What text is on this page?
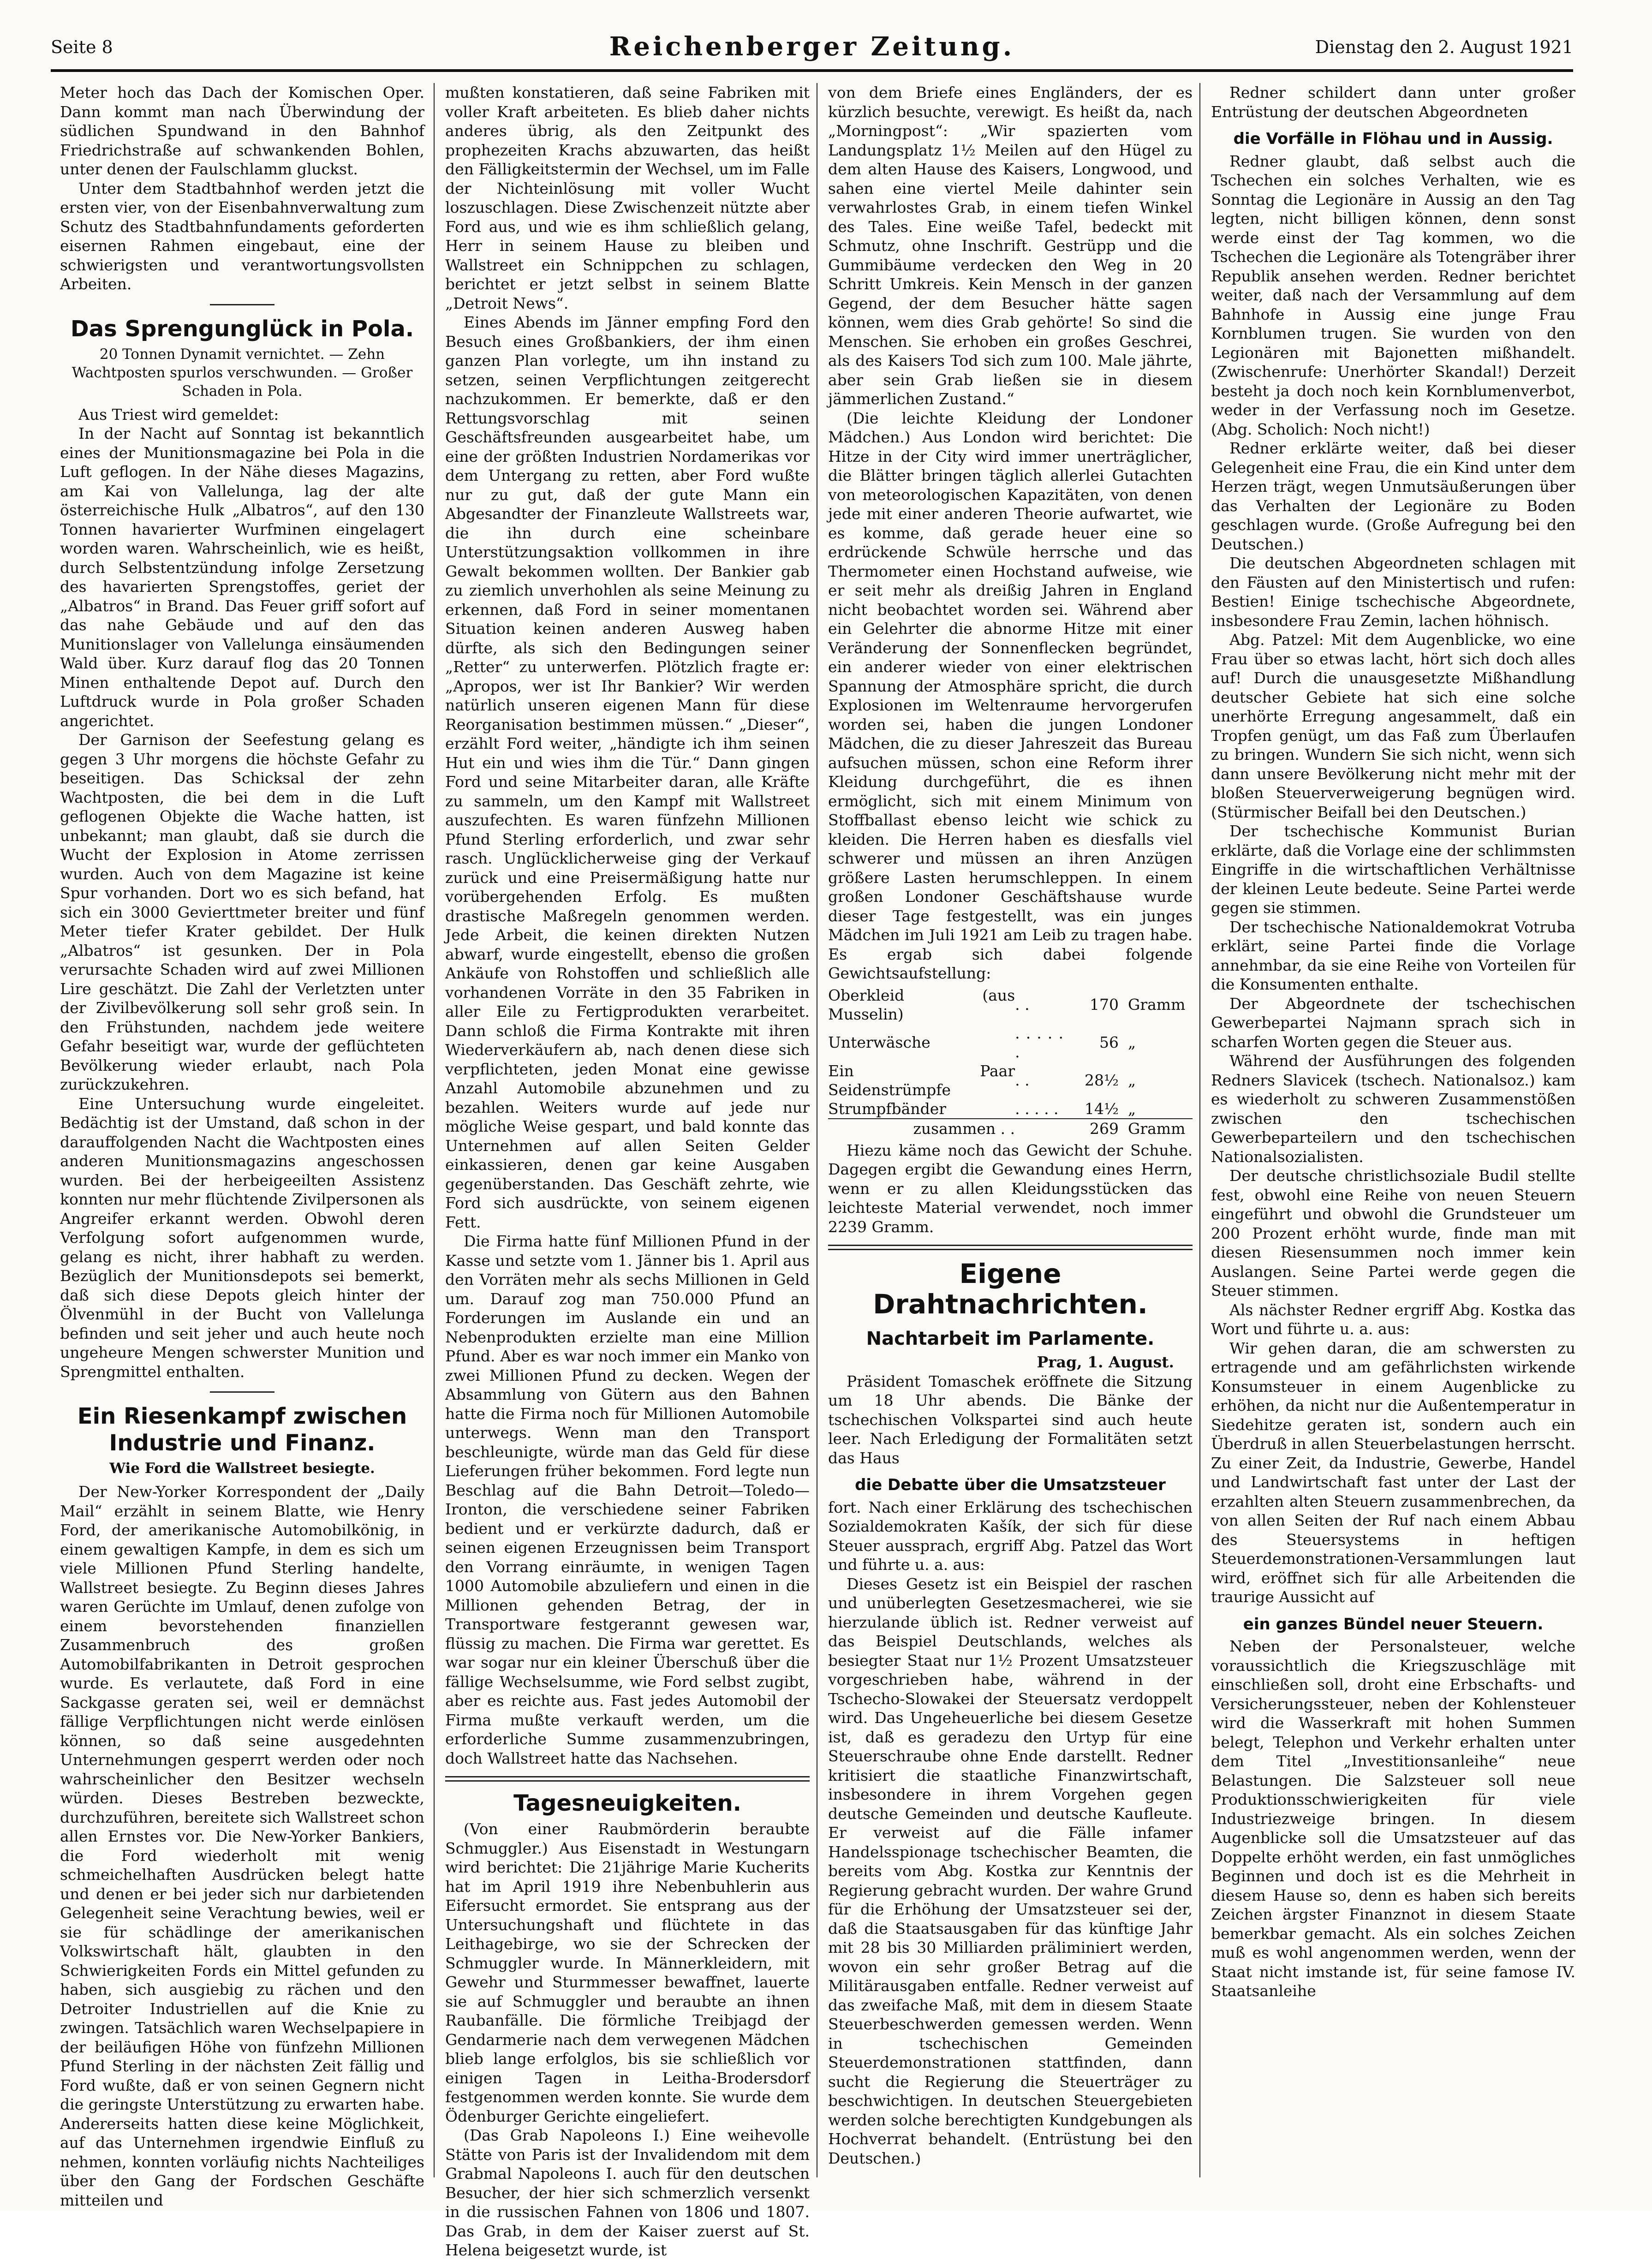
Seite 8	Reichenberger Zeitung.	Dienstag den 2. August 1921

Meter hoch das Dach der Komischen Oper. Dann kommt man nach Überwindung der südlichen Spundwand in den Bahnhof Friedrichstraße auf schwankenden Bohlen, unter denen der Faulschlamm gluckst.

Unter dem Stadtbahnhof werden jetzt die ersten vier, von der Eisenbahnverwaltung zum Schutz des Stadtbahnfundaments geforderten eisernen Rahmen eingebaut, eine der schwierigsten und verantwortungsvollsten Arbeiten.

Das Sprengunglück in Pola.
20 Tonnen Dynamit vernichtet. — Zehn Wachtposten spurlos verschwunden. — Großer Schaden in Pola.

Aus Triest wird gemeldet:

In der Nacht auf Sonntag ist bekanntlich eines der Munitionsmagazine bei Pola in die Luft geflogen. In der Nähe dieses Magazins, am Kai von Vallelunga, lag der alte österreichische Hulk „Albatros“, auf den 130 Tonnen havarierter Wurfminen eingelagert worden waren. Wahrscheinlich, wie es heißt, durch Selbstentzündung infolge Zersetzung des havarierten Sprengstoffes, geriet der „Albatros“ in Brand. Das Feuer griff sofort auf das nahe Gebäude und auf den das Munitionslager von Vallelunga einsäumenden Wald über. Kurz darauf flog das 20 Tonnen Minen enthaltende Depot auf. Durch den Luftdruck wurde in Pola großer Schaden angerichtet.

Der Garnison der Seefestung gelang es gegen 3 Uhr morgens die höchste Gefahr zu beseitigen. Das Schicksal der zehn Wachtposten, die bei dem in die Luft geflogenen Objekte die Wache hatten, ist unbekannt; man glaubt, daß sie durch die Wucht der Explosion in Atome zerrissen wurden. Auch von dem Magazine ist keine Spur vorhanden. Dort wo es sich befand, hat sich ein 3000 Gevierttmeter breiter und fünf Meter tiefer Krater gebildet. Der Hulk „Albatros“ ist gesunken. Der in Pola verursachte Schaden wird auf zwei Millionen Lire geschätzt. Die Zahl der Verletzten unter der Zivilbevölkerung soll sehr groß sein. In den Frühstunden, nachdem jede weitere Gefahr beseitigt war, wurde der geflüchteten Bevölkerung wieder erlaubt, nach Pola zurückzukehren.

Eine Untersuchung wurde eingeleitet. Bedächtig ist der Umstand, daß schon in der darauffolgenden Nacht die Wachtposten eines anderen Munitionsmagazins angeschossen wurden. Bei der herbeigeeilten Assistenz konnten nur mehr flüchtende Zivilpersonen als Angreifer erkannt werden. Obwohl deren Verfolgung sofort aufgenommen wurde, gelang es nicht, ihrer habhaft zu werden. Bezüglich der Munitionsdepots sei bemerkt, daß sich diese Depots gleich hinter der Ölvenmühl in der Bucht von Vallelunga befinden und seit jeher und auch heute noch ungeheure Mengen schwerster Munition und Sprengmittel enthalten.

Ein Riesenkampf zwischen Industrie und Finanz.
Wie Ford die Wallstreet besiegte.

Der New-Yorker Korrespondent der „Daily Mail“ erzählt in seinem Blatte, wie Henry Ford, der amerikanische Automobilkönig, in einem gewaltigen Kampfe, in dem es sich um viele Millionen Pfund Sterling handelte, Wallstreet besiegte. Zu Beginn dieses Jahres waren Gerüchte im Umlauf, denen zufolge von einem bevorstehenden finanziellen Zusammenbruch des großen Automobilfabrikanten in Detroit gesprochen wurde. Es verlautete, daß Ford in eine Sackgasse geraten sei, weil er demnächst fällige Verpflichtungen nicht werde einlösen können, so daß seine ausgedehnten Unternehmungen gesperrt werden oder noch wahrscheinlicher den Besitzer wechseln würden. Dieses Bestreben bezweckte, durchzuführen, bereitete sich Wallstreet schon allen Ernstes vor. Die New-Yorker Bankiers, die Ford wiederholt mit wenig schmeichelhaften Ausdrücken belegt hatte und denen er bei jeder sich nur darbietenden Gelegenheit seine Verachtung bewies, weil er sie für schädlinge der amerikanischen Volkswirtschaft hält, glaubten in den Schwierigkeiten Fords ein Mittel gefunden zu haben, sich ausgiebig zu rächen und den Detroiter Industriellen auf die Knie zu zwingen. Tatsächlich waren Wechselpapiere in der beiläufigen Höhe von fünfzehn Millionen Pfund Sterling in der nächsten Zeit fällig und Ford wußte, daß er von seinen Gegnern nicht die geringste Unterstützung zu erwarten habe. Andererseits hatten diese keine Möglichkeit, auf das Unternehmen irgendwie Einfluß zu nehmen, konnten vorläufig nichts Nachteiliges über den Gang der Fordschen Geschäfte mitteilen und

mußten konstatieren, daß seine Fabriken mit voller Kraft arbeiteten. Es blieb daher nichts anderes übrig, als den Zeitpunkt des prophezeiten Krachs abzuwarten, das heißt den Fälligkeitstermin der Wechsel, um im Falle der Nichteinlösung mit voller Wucht loszuschlagen. Diese Zwischenzeit nützte aber Ford aus, und wie es ihm schließlich gelang, Herr in seinem Hause zu bleiben und Wallstreet ein Schnippchen zu schlagen, berichtet er jetzt selbst in seinem Blatte „Detroit News“.

Eines Abends im Jänner empfing Ford den Besuch eines Großbankiers, der ihm einen ganzen Plan vorlegte, um ihn instand zu setzen, seinen Verpflichtungen zeitgerecht nachzukommen. Er bemerkte, daß er den Rettungsvorschlag mit seinen Geschäftsfreunden ausgearbeitet habe, um eine der größten Industrien Nordamerikas vor dem Untergang zu retten, aber Ford wußte nur zu gut, daß der gute Mann ein Abgesandter der Finanzleute Wallstreets war, die ihn durch eine scheinbare Unterstützungsaktion vollkommen in ihre Gewalt bekommen wollten. Der Bankier gab zu ziemlich unverhohlen als seine Meinung zu erkennen, daß Ford in seiner momentanen Situation keinen anderen Ausweg haben dürfte, als sich den Bedingungen seiner „Retter“ zu unterwerfen. Plötzlich fragte er: „Apropos, wer ist Ihr Bankier? Wir werden natürlich unseren eigenen Mann für diese Reorganisation bestimmen müssen.“ „Dieser“, erzählt Ford weiter, „händigte ich ihm seinen Hut ein und wies ihm die Tür.“ Dann gingen Ford und seine Mitarbeiter daran, alle Kräfte zu sammeln, um den Kampf mit Wallstreet auszufechten. Es waren fünfzehn Millionen Pfund Sterling erforderlich, und zwar sehr rasch. Unglücklicherweise ging der Verkauf zurück und eine Preisermäßigung hatte nur vorübergehenden Erfolg. Es mußten drastische Maßregeln genommen werden. Jede Arbeit, die keinen direkten Nutzen abwarf, wurde eingestellt, ebenso die großen Ankäufe von Rohstoffen und schließlich alle vorhandenen Vorräte in den 35 Fabriken in aller Eile zu Fertigprodukten verarbeitet. Dann schloß die Firma Kontrakte mit ihren Wiederverkäufern ab, nach denen diese sich verpflichteten, jeden Monat eine gewisse Anzahl Automobile abzunehmen und zu bezahlen. Weiters wurde auf jede nur mögliche Weise gespart, und bald konnte das Unternehmen auf allen Seiten Gelder einkassieren, denen gar keine Ausgaben gegenüberstanden. Das Geschäft zehrte, wie Ford sich ausdrückte, von seinem eigenen Fett.

Die Firma hatte fünf Millionen Pfund in der Kasse und setzte vom 1. Jänner bis 1. April aus den Vorräten mehr als sechs Millionen in Geld um. Darauf zog man 750.000 Pfund an Forderungen im Auslande ein und an Nebenprodukten erzielte man eine Million Pfund. Aber es war noch immer ein Manko von zwei Millionen Pfund zu decken. Wegen der Absammlung von Gütern aus den Bahnen hatte die Firma noch für Millionen Automobile unterwegs. Wenn man den Transport beschleunigte, würde man das Geld für diese Lieferungen früher bekommen. Ford legte nun Beschlag auf die Bahn Detroit—Toledo—Ironton, die verschiedene seiner Fabriken bedient und er verkürzte dadurch, daß er seinen eigenen Erzeugnissen beim Transport den Vorrang einräumte, in wenigen Tagen 1000 Automobile abzuliefern und einen in die Millionen gehenden Betrag, der in Transportware festgerannt gewesen war, flüssig zu machen. Die Firma war gerettet. Es war sogar nur ein kleiner Überschuß über die fällige Wechselsumme, wie Ford selbst zugibt, aber es reichte aus. Fast jedes Automobil der Firma mußte verkauft werden, um die erforderliche Summe zusammenzubringen, doch Wallstreet hatte das Nachsehen.

Tagesneuigkeiten.

(Von einer Raubmörderin beraubte Schmuggler.) Aus Eisenstadt in Westungarn wird berichtet: Die 21jährige Marie Kucherits hat im April 1919 ihre Nebenbuhlerin aus Eifersucht ermordet. Sie entsprang aus der Untersuchungshaft und flüchtete in das Leithagebirge, wo sie der Schrecken der Schmuggler wurde. In Männerkleidern, mit Gewehr und Sturmmesser bewaffnet, lauerte sie auf Schmuggler und beraubte an ihnen Raubanfälle. Die förmliche Treibjagd der Gendarmerie nach dem verwegenen Mädchen blieb lange erfolglos, bis sie schließlich vor einigen Tagen in Leitha-Brodersdorf festgenommen werden konnte. Sie wurde dem Ödenburger Gerichte eingeliefert.

(Das Grab Napoleons I.) Eine weihevolle Stätte von Paris ist der Invalidendom mit dem Grabmal Napoleons I. auch für den deutschen Besucher, der hier sich schmerzlich versenkt in die russischen Fahnen von 1806 und 1807. Das Grab, in dem der Kaiser zuerst auf St. Helena beigesetzt wurde, ist

von dem Briefe eines Engländers, der es kürzlich besuchte, verewigt. Es heißt da, nach „Morningpost“: „Wir spazierten vom Landungsplatz 1½ Meilen auf den Hügel zu dem alten Hause des Kaisers, Longwood, und sahen eine viertel Meile dahinter sein verwahrlostes Grab, in einem tiefen Winkel des Tales. Eine weiße Tafel, bedeckt mit Schmutz, ohne Inschrift. Gestrüpp und die Gummibäume verdecken den Weg in 20 Schritt Umkreis. Kein Mensch in der ganzen Gegend, der dem Besucher hätte sagen können, wem dies Grab gehörte! So sind die Menschen. Sie erhoben ein großes Geschrei, als des Kaisers Tod sich zum 100. Male jährte, aber sein Grab ließen sie in diesem jämmerlichen Zustand.“

(Die leichte Kleidung der Londoner Mädchen.) Aus London wird berichtet: Die Hitze in der City wird immer unerträglicher, die Blätter bringen täglich allerlei Gutachten von meteorologischen Kapazitäten, von denen jede mit einer anderen Theorie aufwartet, wie es komme, daß gerade heuer eine so erdrückende Schwüle herrsche und das Thermometer einen Hochstand aufweise, wie er seit mehr als dreißig Jahren in England nicht beobachtet worden sei. Während aber ein Gelehrter die abnorme Hitze mit einer Veränderung der Sonnenflecken begründet, ein anderer wieder von einer elektrischen Spannung der Atmosphäre spricht, die durch Explosionen im Weltenraume hervorgerufen worden sei, haben die jungen Londoner Mädchen, die zu dieser Jahreszeit das Bureau aufsuchen müssen, schon eine Reform ihrer Kleidung durchgeführt, die es ihnen ermöglicht, sich mit einem Minimum von Stoffballast ebenso leicht wie schick zu kleiden. Die Herren haben es diesfalls viel schwerer und müssen an ihren Anzügen größere Lasten herumschleppen. In einem großen Londoner Geschäftshause wurde dieser Tage festgestellt, was ein junges Mädchen im Juli 1921 am Leib zu tragen habe. Es ergab sich dabei folgende Gewichtsaufstellung:

Oberkleid (aus Musselin)	. .	170	Gramm
Unterwäsche	. . . . . .	56	„
Ein Paar Seidenstrümpfe	. .	28½	„
Strumpfbänder	. . . . .	14½	„
zusammen . .		269	Gramm

Hiezu käme noch das Gewicht der Schuhe. Dagegen ergibt die Gewandung eines Herrn, wenn er zu allen Kleidungsstücken das leichteste Material verwendet, noch immer 2239 Gramm.

Eigene Drahtnachrichten.
Nachtarbeit im Parlamente.
Prag, 1. August.

Präsident Tomaschek eröffnete die Sitzung um 18 Uhr abends. Die Bänke der tschechischen Volkspartei sind auch heute leer. Nach Erledigung der Formalitäten setzt das Haus

die Debatte über die Umsatzsteuer

fort. Nach einer Erklärung des tschechischen Sozialdemokraten Kašík, der sich für diese Steuer aussprach, ergriff Abg. Patzel das Wort und führte u. a. aus:

Dieses Gesetz ist ein Beispiel der raschen und unüberlegten Gesetzesmacherei, wie sie hierzulande üblich ist. Redner verweist auf das Beispiel Deutschlands, welches als besiegter Staat nur 1½ Prozent Umsatzsteuer vorgeschrieben habe, während in der Tschecho-Slowakei der Steuersatz verdoppelt wird. Das Ungeheuerliche bei diesem Gesetze ist, daß es geradezu den Urtyp für eine Steuerschraube ohne Ende darstellt. Redner kritisiert die staatliche Finanzwirtschaft, insbesondere in ihrem Vorgehen gegen deutsche Gemeinden und deutsche Kaufleute. Er verweist auf die Fälle infamer Handelsspionage tschechischer Beamten, die bereits vom Abg. Kostka zur Kenntnis der Regierung gebracht wurden. Der wahre Grund für die Erhöhung der Umsatzsteuer sei der, daß die Staatsausgaben für das künftige Jahr mit 28 bis 30 Milliarden präliminiert werden, wovon ein sehr großer Betrag auf die Militärausgaben entfalle. Redner verweist auf das zweifache Maß, mit dem in diesem Staate Steuerbeschwerden gemessen werden. Wenn in tschechischen Gemeinden Steuerdemonstrationen stattfinden, dann sucht die Regierung die Steuerträger zu beschwichtigen. In deutschen Steuergebieten werden solche berechtigten Kundgebungen als Hochverrat behandelt. (Entrüstung bei den Deutschen.)

Redner schildert dann unter großer Entrüstung der deutschen Abgeordneten

die Vorfälle in Flöhau und in Aussig.

Redner glaubt, daß selbst auch die Tschechen ein solches Verhalten, wie es Sonntag die Legionäre in Aussig an den Tag legten, nicht billigen können, denn sonst werde einst der Tag kommen, wo die Tschechen die Legionäre als Totengräber ihrer Republik ansehen werden. Redner berichtet weiter, daß nach der Versammlung auf dem Bahnhofe in Aussig eine junge Frau Kornblumen trugen. Sie wurden von den Legionären mit Bajonetten mißhandelt. (Zwischenrufe: Unerhörter Skandal!) Derzeit besteht ja doch noch kein Kornblumenverbot, weder in der Verfassung noch im Gesetze. (Abg. Scholich: Noch nicht!)

Redner erklärte weiter, daß bei dieser Gelegenheit eine Frau, die ein Kind unter dem Herzen trägt, wegen Unmutsäußerungen über das Verhalten der Legionäre zu Boden geschlagen wurde. (Große Aufregung bei den Deutschen.)

Die deutschen Abgeordneten schlagen mit den Fäusten auf den Ministertisch und rufen: Bestien! Einige tschechische Abgeordnete, insbesondere Frau Zemin, lachen höhnisch.

Abg. Patzel: Mit dem Augenblicke, wo eine Frau über so etwas lacht, hört sich doch alles auf! Durch die unausgesetzte Mißhandlung deutscher Gebiete hat sich eine solche unerhörte Erregung angesammelt, daß ein Tropfen genügt, um das Faß zum Überlaufen zu bringen. Wundern Sie sich nicht, wenn sich dann unsere Bevölkerung nicht mehr mit der bloßen Steuerverweigerung begnügen wird. (Stürmischer Beifall bei den Deutschen.)

Der tschechische Kommunist Burian erklärte, daß die Vorlage eine der schlimmsten Eingriffe in die wirtschaftlichen Verhältnisse der kleinen Leute bedeute. Seine Partei werde gegen sie stimmen.

Der tschechische Nationaldemokrat Votruba erklärt, seine Partei finde die Vorlage annehmbar, da sie eine Reihe von Vorteilen für die Konsumenten enthalte.

Der Abgeordnete der tschechischen Gewerbepartei Najmann sprach sich in scharfen Worten gegen die Steuer aus.

Während der Ausführungen des folgenden Redners Slavicek (tschech. Nationalsoz.) kam es wiederholt zu schweren Zusammenstößen zwischen den tschechischen Gewerbeparteilern und den tschechischen Nationalsozialisten.

Der deutsche christlichsoziale Budil stellte fest, obwohl eine Reihe von neuen Steuern eingeführt und obwohl die Grundsteuer um 200 Prozent erhöht wurde, finde man mit diesen Riesensummen noch immer kein Auslangen. Seine Partei werde gegen die Steuer stimmen.

Als nächster Redner ergriff Abg. Kostka das Wort und führte u. a. aus:

Wir gehen daran, die am schwersten zu ertragende und am gefährlichsten wirkende Konsumsteuer in einem Augenblicke zu erhöhen, da nicht nur die Außentemperatur in Siedehitze geraten ist, sondern auch ein Überdruß in allen Steuerbelastungen herrscht. Zu einer Zeit, da Industrie, Gewerbe, Handel und Landwirtschaft fast unter der Last der erzahlten alten Steuern zusammenbrechen, da von allen Seiten der Ruf nach einem Abbau des Steuersystems in heftigen Steuerdemonstrationen-Versammlungen laut wird, eröffnet sich für alle Arbeitenden die traurige Aussicht auf

ein ganzes Bündel neuer Steuern.

Neben der Personalsteuer, welche voraussichtlich die Kriegszuschläge mit einschließen soll, droht eine Erbschafts- und Versicherungssteuer, neben der Kohlensteuer wird die Wasserkraft mit hohen Summen belegt, Telephon und Verkehr erhalten unter dem Titel „Investitionsanleihe“ neue Belastungen. Die Salzsteuer soll neue Produktionsschwierigkeiten für viele Industriezweige bringen. In diesem Augenblicke soll die Umsatzsteuer auf das Doppelte erhöht werden, ein fast unmögliches Beginnen und doch ist es die Mehrheit in diesem Hause so, denn es haben sich bereits Zeichen ärgster Finanznot in diesem Staate bemerkbar gemacht. Als ein solches Zeichen muß es wohl angenommen werden, wenn der Staat nicht imstande ist, für seine famose IV. Staatsanleihe
